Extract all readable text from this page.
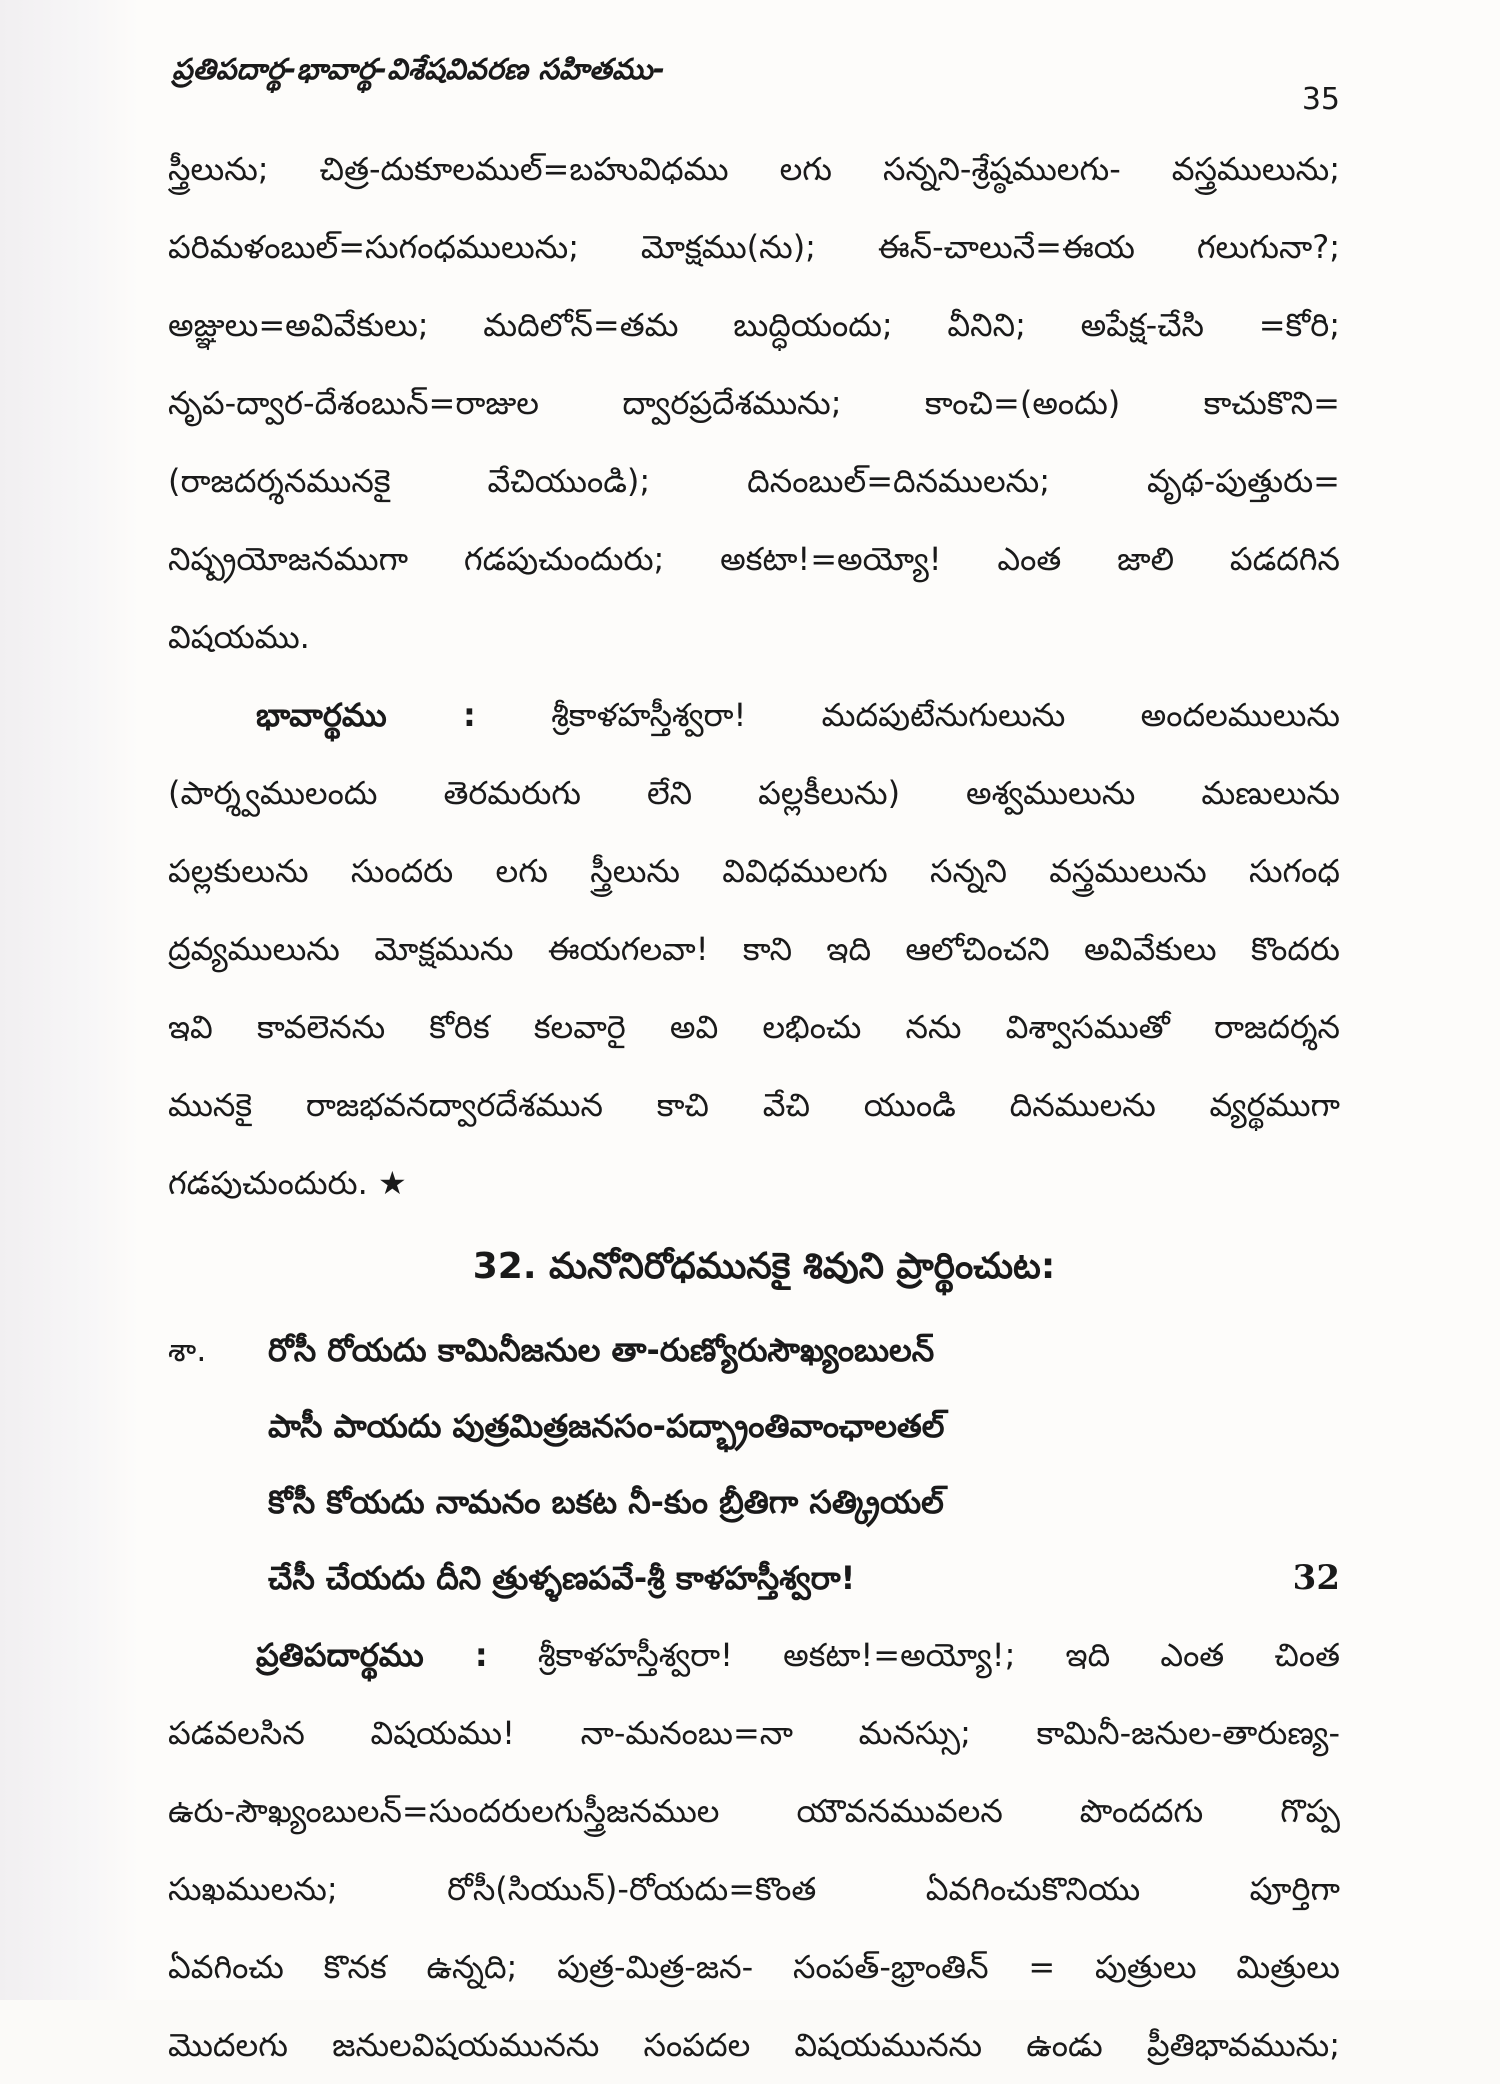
ప్రతిపదార్థ-భావార్థ-విశేషవివరణ సహితము-
35
స్త్రీలును; చిత్ర-దుకూలముల్=బహువిధము లగు సన్నని-శ్రేష్ఠములగు- వస్త్రములును;
పరిమళంబుల్=సుగంధములును; మోక్షము(ను); ఈన్-చాలునే=ఈయ గలుగునా?;
అజ్ఞులు=అవివేకులు; మదిలోన్=తమ బుద్ధియందు; వీనిని; అపేక్ష-చేసి =కోరి;
నృప-ద్వార-దేశంబున్=రాజుల ద్వారప్రదేశమును; కాంచి=(అందు) కాచుకొని=
(రాజదర్శనమునకై వేచియుండి); దినంబుల్=దినములను; వృథ-పుత్తురు=
నిష్ప్రయోజనముగా గడపుచుందురు; అకటా!=అయ్యో! ఎంత జాలి పడదగిన
విషయము.
భావార్థము : శ్రీకాళహస్తీశ్వరా! మదపుటేనుగులును అందలములును
(పార్శ్వములందు తెరమరుగు లేని పల్లకీలును) అశ్వములును మణులును
పల్లకులును సుందరు లగు స్త్రీలును వివిధములగు సన్నని వస్త్రములును సుగంధ
ద్రవ్యములును మోక్షమును ఈయగలవా! కాని ఇది ఆలోచించని అవివేకులు కొందరు
ఇవి కావలెనను కోరిక కలవారై అవి లభించు నను విశ్వాసముతో రాజదర్శన
మునకై రాజభవనద్వారదేశమున కాచి వేచి యుండి దినములను వ్యర్థముగా
గడపుచుందురు. ★
32. మనోనిరోధమునకై శివుని ప్రార్థించుట:
శా.	రోసీ రోయదు కామినీజనుల తా-రుణ్యోరుసౌఖ్యంబులన్
పాసీ పాయదు పుత్రమిత్రజనసం-పద్భ్రాంతివాంఛాలతల్
కోసీ కోయదు నామనం బకట నీ-కుం బ్రీతిగా సత్క్రియల్
చేసీ చేయదు దీని త్రుళ్ళణపవే-శ్రీ కాళహస్తీశ్వరా!	32
ప్రతిపదార్థము : శ్రీకాళహస్తీశ్వరా! అకటా!=అయ్యో!; ఇది ఎంత చింత
పడవలసిన విషయము! నా-మనంబు=నా మనస్సు; కామినీ-జనుల-తారుణ్య-
ఉరు-సౌఖ్యంబులన్=సుందరులగుస్త్రీజనముల యౌవనమువలన పొందదగు గొప్ప
సుఖములను; రోసీ(సియున్)-రోయదు=కొంత ఏవగించుకొనియు పూర్తిగా
ఏవగించు కొనక ఉన్నది; పుత్ర-మిత్ర-జన- సంపత్-భ్రాంతిన్ = పుత్రులు మిత్రులు
మొదలగు జనులవిషయమునను సంపదల విషయమునను ఉండు ప్రీతిభావమును;
